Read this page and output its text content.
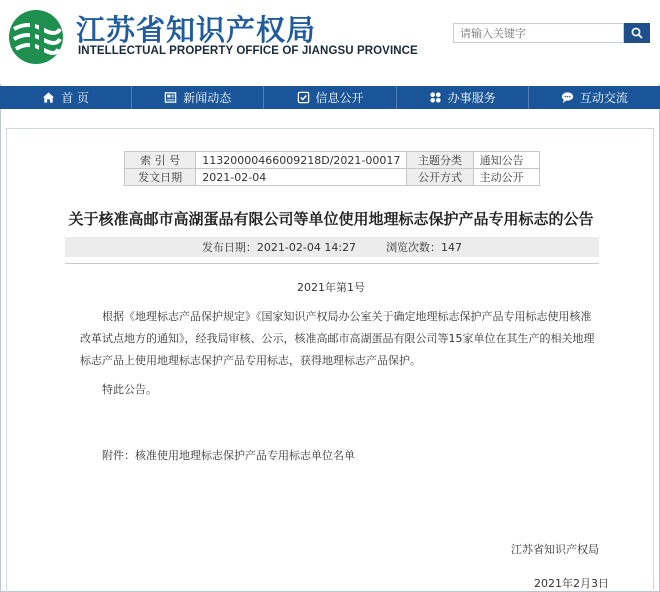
江苏省知识产权局
INTELLECTUAL PROPERTY OFFICE OF JIANGSU PROVINCE
请输入关键字
首 页	新闻动态	信息公开	办事服务	互动交流
索 引 号	11320000466009218D/2021-00017	主题分类	通知公告
发文日期	2021-02-04	公开方式	主动公开
关于核准高邮市高湖蛋品有限公司等单位使用地理标志保护产品专用标志的公告
发布日期：2021-02-04 14:27	浏览次数：147
2021年第1号
根据《地理标志产品保护规定》《国家知识产权局办公室关于确定地理标志保护产品专用标志使用核准改革试点地方的通知》，经我局审核、公示，核准高邮市高湖蛋品有限公司等15家单位在其生产的相关地理标志产品上使用地理标志保护产品专用标志，获得地理标志产品保护。
特此公告。
附件：核准使用地理标志保护产品专用标志单位名单
江苏省知识产权局
2021年2月3日
